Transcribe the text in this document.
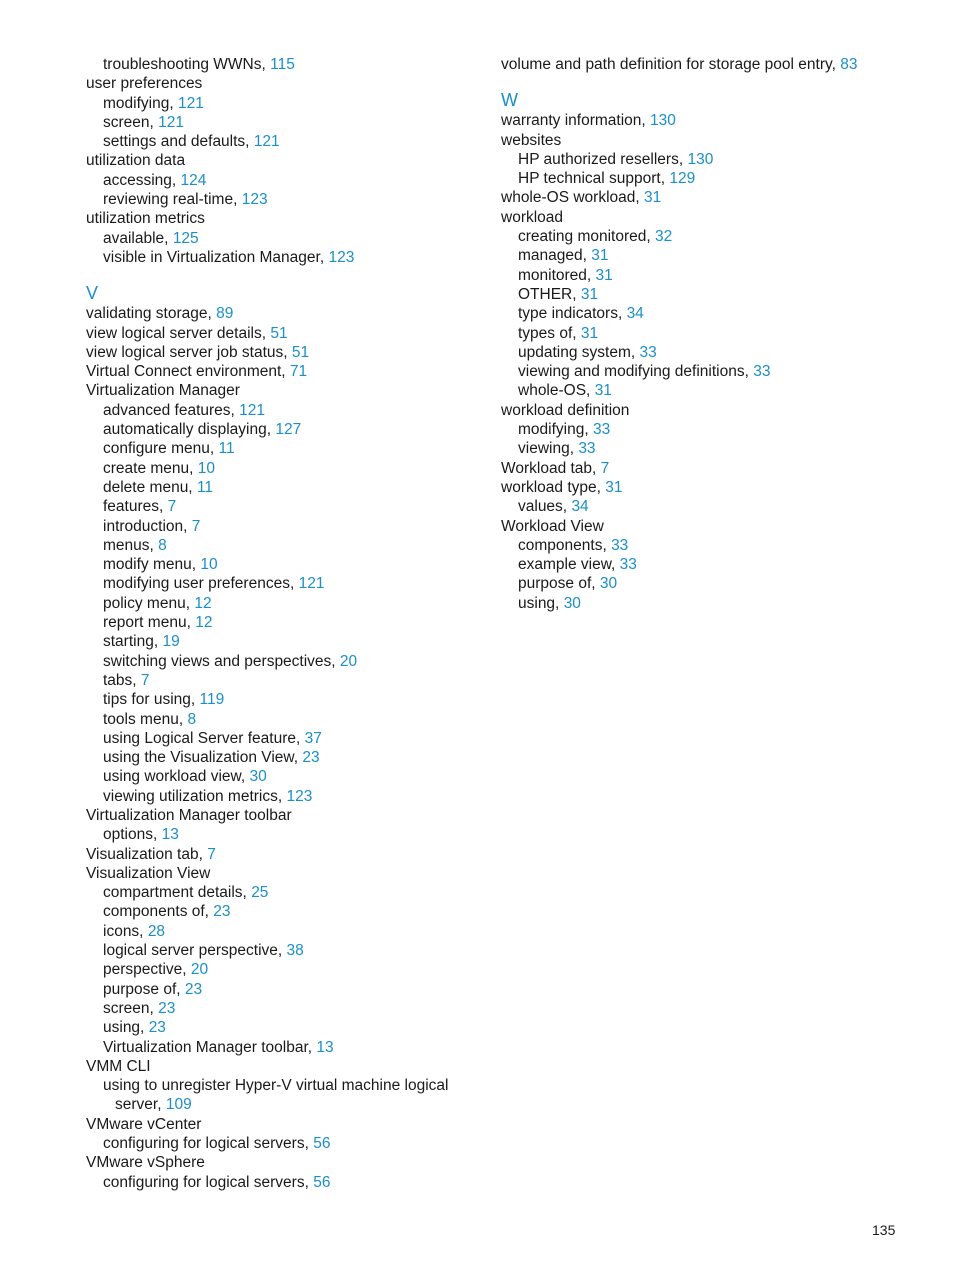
troubleshooting WWNs, 115
user preferences
modifying, 121
screen, 121
settings and defaults, 121
utilization data
accessing, 124
reviewing real-time, 123
utilization metrics
available, 125
visible in Virtualization Manager, 123
V
validating storage, 89
view logical server details, 51
view logical server job status, 51
Virtual Connect environment, 71
Virtualization Manager
advanced features, 121
automatically displaying, 127
configure menu, 11
create menu, 10
delete menu, 11
features, 7
introduction, 7
menus, 8
modify menu, 10
modifying user preferences, 121
policy menu, 12
report menu, 12
starting, 19
switching views and perspectives, 20
tabs, 7
tips for using, 119
tools menu, 8
using Logical Server feature, 37
using the Visualization View, 23
using workload view, 30
viewing utilization metrics, 123
Virtualization Manager toolbar
options, 13
Visualization tab, 7
Visualization View
compartment details, 25
components of, 23
icons, 28
logical server perspective, 38
perspective, 20
purpose of, 23
screen, 23
using, 23
Virtualization Manager toolbar, 13
VMM CLI
using to unregister Hyper-V virtual machine logical
server, 109
VMware vCenter
configuring for logical servers, 56
VMware vSphere
configuring for logical servers, 56
volume and path definition for storage pool entry, 83
W
warranty information, 130
websites
HP authorized resellers, 130
HP technical support, 129
whole-OS workload, 31
workload
creating monitored, 32
managed, 31
monitored, 31
OTHER, 31
type indicators, 34
types of, 31
updating system, 33
viewing and modifying definitions, 33
whole-OS, 31
workload definition
modifying, 33
viewing, 33
Workload tab, 7
workload type, 31
values, 34
Workload View
components, 33
example view, 33
purpose of, 30
using, 30
135
